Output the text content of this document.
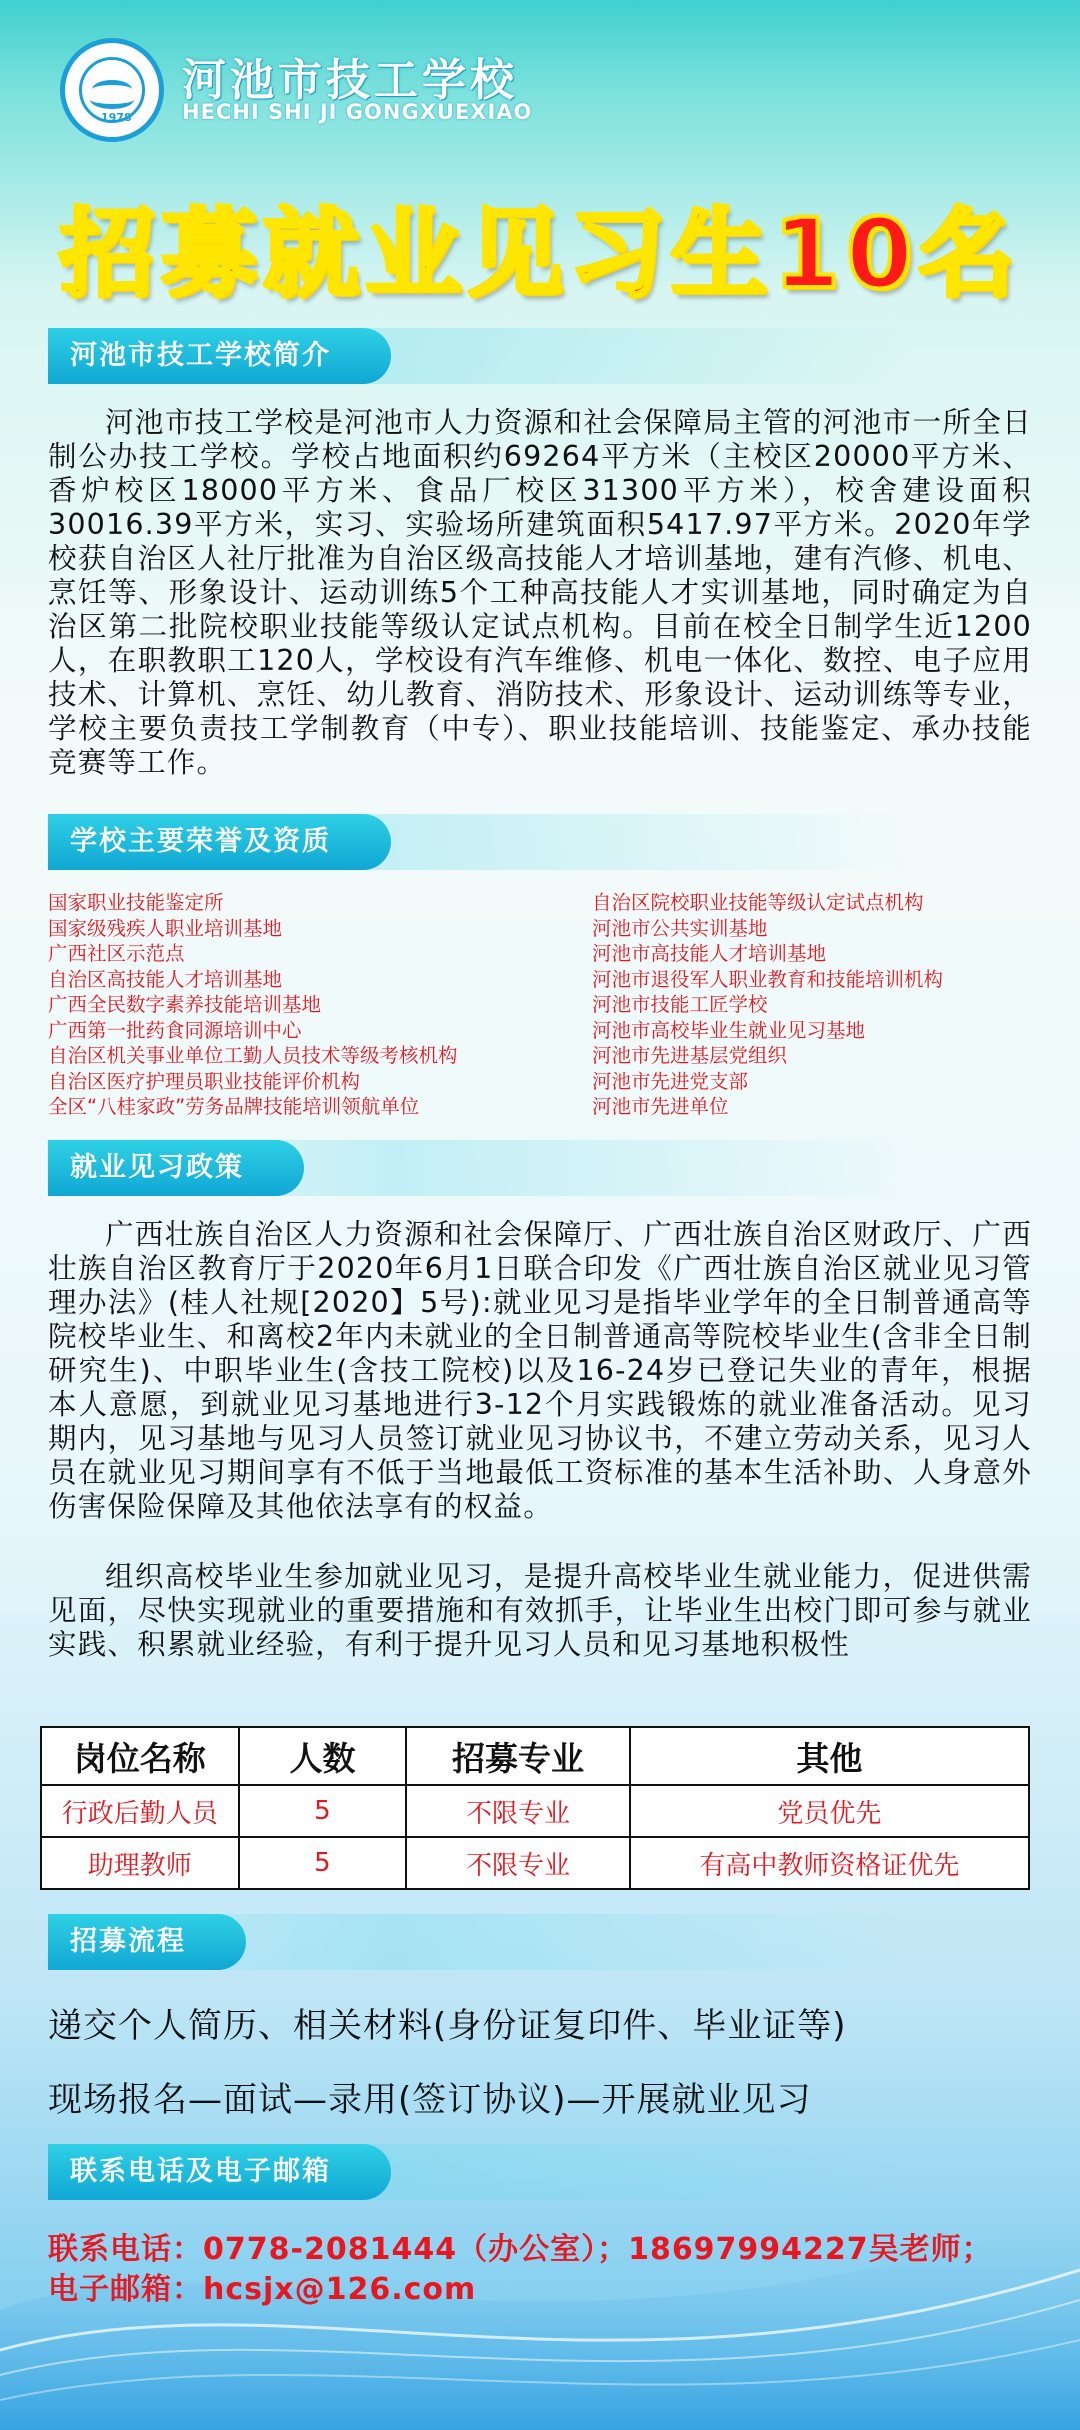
1978
河池市技工学校
HECHI SHI JI GONGXUEXIAO
招募就业见习生10名
河池市技工学校简介
河池市技工学校是河池市人力资源和社会保障局主管的河池市一所全日制公办技工学校。学校占地面积约69264平方米（主校区20000平方米、香炉校区18000平方米、食品厂校区31300平方米），校舍建设面积30016.39平方米，实习、实验场所建筑面积5417.97平方米。2020年学校获自治区人社厅批准为自治区级高技能人才培训基地，建有汽修、机电、烹饪等、形象设计、运动训练5个工种高技能人才实训基地，同时确定为自治区第二批院校职业技能等级认定试点机构。目前在校全日制学生近1200人，在职教职工120人，学校设有汽车维修、机电一体化、数控、电子应用技术、计算机、烹饪、幼儿教育、消防技术、形象设计、运动训练等专业，学校主要负责技工学制教育（中专）、职业技能培训、技能鉴定、承办技能竞赛等工作。
学校主要荣誉及资质
国家职业技能鉴定所
国家级残疾人职业培训基地
广西社区示范点
自治区高技能人才培训基地
广西全民数字素养技能培训基地
广西第一批药食同源培训中心
自治区机关事业单位工勤人员技术等级考核机构
自治区医疗护理员职业技能评价机构
全区“八桂家政”劳务品牌技能培训领航单位
自治区院校职业技能等级认定试点机构
河池市公共实训基地
河池市高技能人才培训基地
河池市退役军人职业教育和技能培训机构
河池市技能工匠学校
河池市高校毕业生就业见习基地
河池市先进基层党组织
河池市先进党支部
河池市先进单位
就业见习政策
广西壮族自治区人力资源和社会保障厅、广西壮族自治区财政厅、广西壮族自治区教育厅于2020年6月1日联合印发《广西壮族自治区就业见习管理办法》(桂人社规[2020】5号):就业见习是指毕业学年的全日制普通高等院校毕业生、和离校2年内未就业的全日制普通高等院校毕业生(含非全日制研究生)、中职毕业生(含技工院校)以及16-24岁已登记失业的青年，根据本人意愿，到就业见习基地进行3-12个月实践锻炼的就业准备活动。见习期内，见习基地与见习人员签订就业见习协议书，不建立劳动关系，见习人员在就业见习期间享有不低于当地最低工资标准的基本生活补助、人身意外伤害保险保障及其他依法享有的权益。
组织高校毕业生参加就业见习，是提升高校毕业生就业能力，促进供需见面，尽快实现就业的重要措施和有效抓手，让毕业生出校门即可参与就业实践、积累就业经验，有利于提升见习人员和见习基地积极性
岗位名称	人数	招募专业	其他
行政后勤人员	5	不限专业	党员优先
助理教师	5	不限专业	有高中教师资格证优先
招募流程
递交个人简历、相关材料(身份证复印件、毕业证等)
现场报名—面试—录用(签订协议)—开展就业见习
联系电话及电子邮箱
联系电话：0778-2081444（办公室）；18697994227吴老师；
电子邮箱：hcsjx@126.com
